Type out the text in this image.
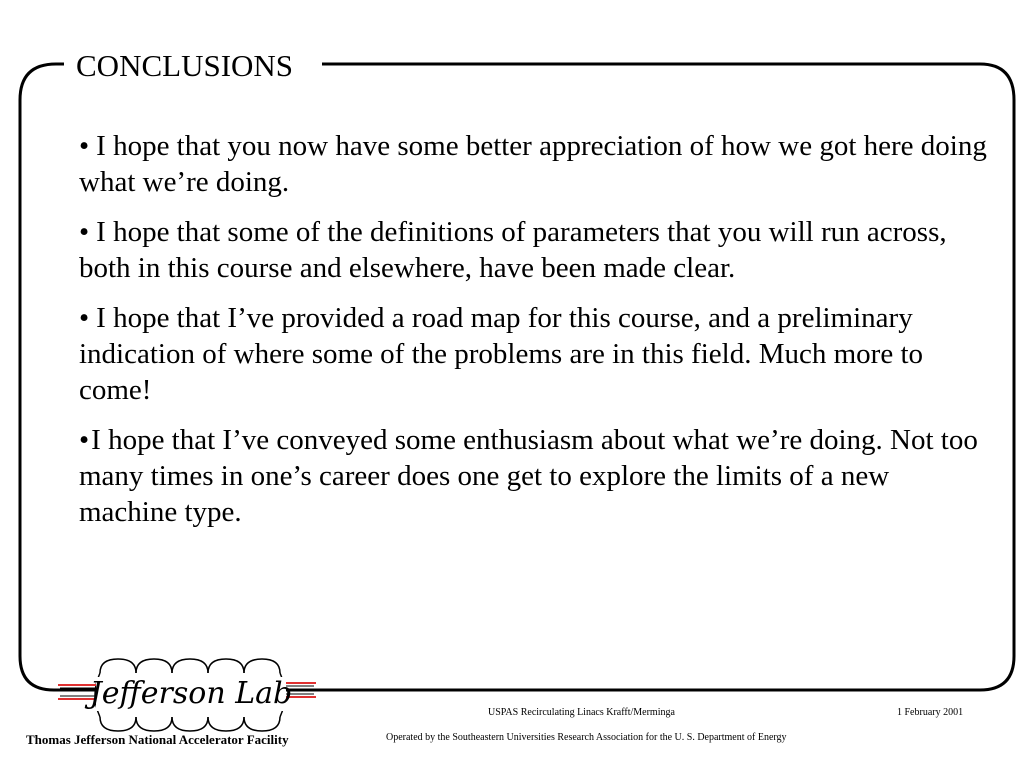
CONCLUSIONS
• I hope that you now have some better appreciation of how we got here doing what we’re doing.
• I hope that some of the definitions of parameters that you will run across, both in this course and elsewhere, have been made clear.
• I hope that I’ve provided a road map for this course, and a preliminary indication of where some of the problems are in this field. Much more to come!
•I hope that I’ve conveyed some enthusiasm about what we’re doing. Not too many times in one’s career does one get to explore the limits of a new machine type.
Jefferson Lab
Thomas Jefferson National Accelerator Facility
USPAS Recirculating Linacs Krafft/Merminga	1 February 2001
Operated by the Southeastern Universities Research Association for the U. S. Department of Energy
